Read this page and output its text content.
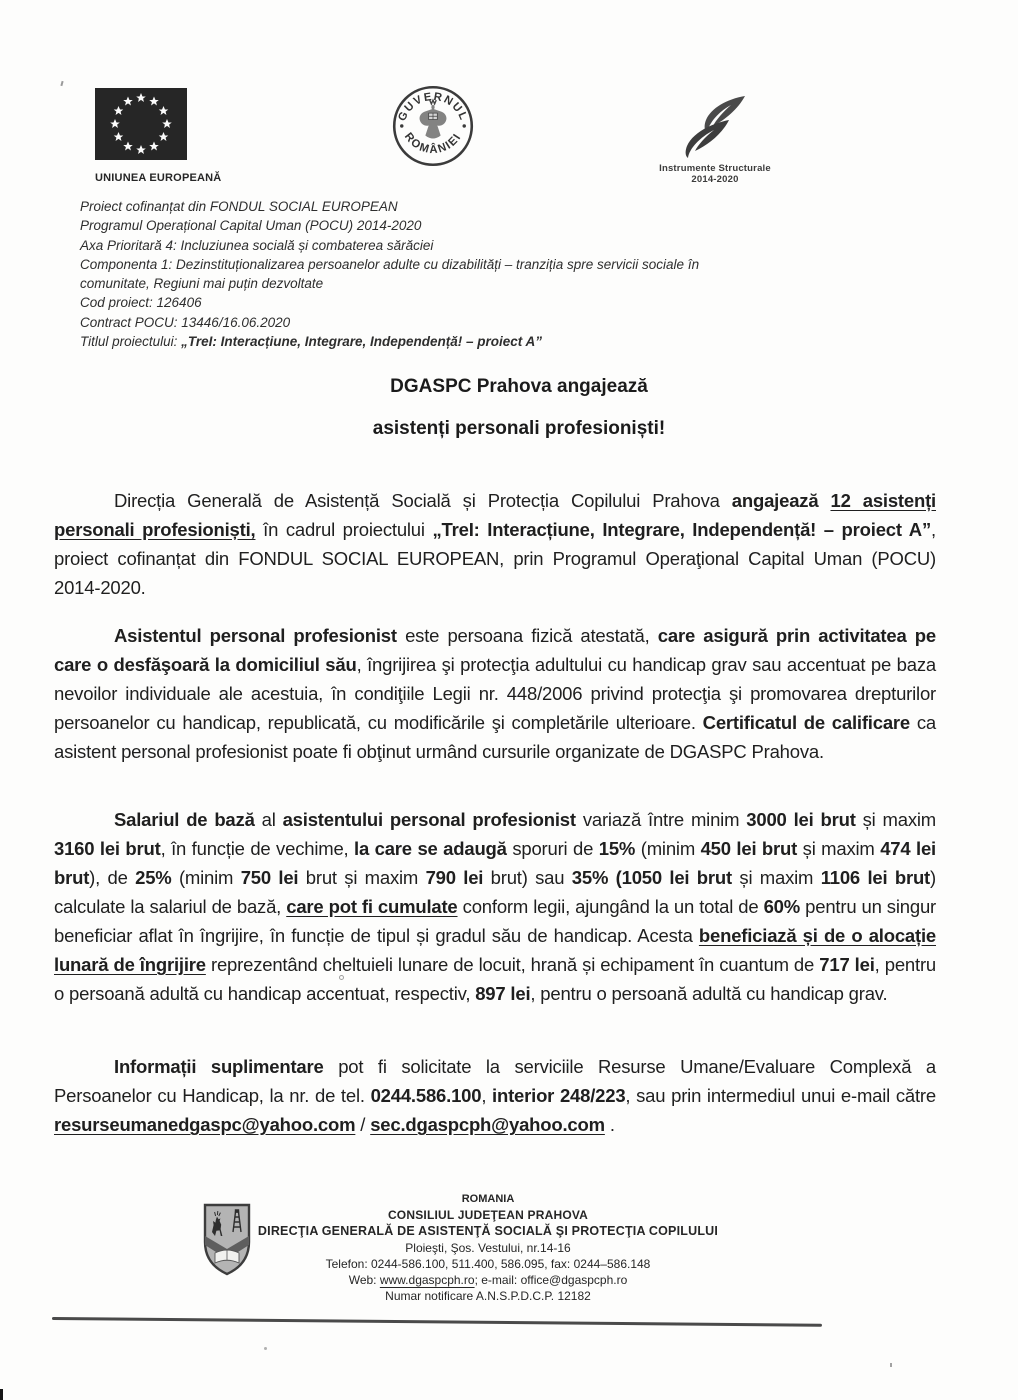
UNIUNEA EUROPEANĂ
GUVERNUL
ROMÂNIEI
Instrumente Structurale
2014-2020
Proiect cofinanțat din FONDUL SOCIAL EUROPEAN
Programul Operațional Capital Uman (POCU) 2014-2020
Axa Prioritară 4: Incluziunea socială și combaterea sărăciei
Componenta 1: Dezinstituționalizarea persoanelor adulte cu dizabilități – tranziția spre servicii sociale în comunitate, Regiuni mai puțin dezvoltate
Cod proiect: 126406
Contract POCU: 13446/16.06.2020
Titlul proiectului: „TreI: Interacțiune, Integrare, Independență! – proiect A”
DGASPC Prahova angajează
asistenți personali profesioniști!

Direcția Generală de Asistență Socială și Protecția Copilului Prahova angajează 12 asistenți personali profesioniști, în cadrul proiectului „TreI: Interacțiune, Integrare, Independență! – proiect A”, proiect cofinanțat din FONDUL SOCIAL EUROPEAN, prin Programul Operaţional Capital Uman (POCU) 2014-2020.

Asistentul personal profesionist este persoana fizică atestată, care asigură prin activitatea pe care o desfăşoară la domiciliul său, îngrijirea şi protecţia adultului cu handicap grav sau accentuat pe baza nevoilor individuale ale acestuia, în condiţiile Legii nr. 448/2006 privind protecţia şi promovarea drepturilor persoanelor cu handicap, republicată, cu modificările şi completările ulterioare. Certificatul de calificare ca asistent personal profesionist poate fi obţinut urmând cursurile organizate de DGASPC Prahova.

Salariul de bază al asistentului personal profesionist variază între minim 3000 lei brut și maxim 3160 lei brut, în funcție de vechime, la care se adaugă sporuri de 15% (minim 450 lei brut și maxim 474 lei brut), de 25% (minim 750 lei brut și maxim 790 lei brut) sau 35% (1050 lei brut și maxim 1106 lei brut) calculate la salariul de bază, care pot fi cumulate conform legii, ajungând la un total de 60% pentru un singur beneficiar aflat în îngrijire, în funcție de tipul și gradul său de handicap. Acesta beneficiază și de o alocație lunară de îngrijire reprezentând cheltuieli lunare de locuit, hrană și echipament în cuantum de 717 lei, pentru o persoană adultă cu handicap accentuat, respectiv, 897 lei, pentru o persoană adultă cu handicap grav.

Informații suplimentare pot fi solicitate la serviciile Resurse Umane/Evaluare Complexă a Persoanelor cu Handicap, la nr. de tel. 0244.586.100, interior 248/223, sau prin intermediul unui e-mail către resurseumanedgaspc@yahoo.com / sec.dgaspcph@yahoo.com .

ROMANIA
CONSILIUL JUDEŢEAN PRAHOVA
DIRECŢIA GENERALĂ DE ASISTENŢĂ SOCIALĂ ŞI PROTECŢIA COPILULUI
Ploieşti, Şos. Vestului, nr.14-16
Telefon: 0244-586.100, 511.400, 586.095, fax: 0244–586.148
Web: www.dgaspcph.ro; e-mail: office@dgaspcph.ro
Numar notificare A.N.S.P.D.C.P. 12182
